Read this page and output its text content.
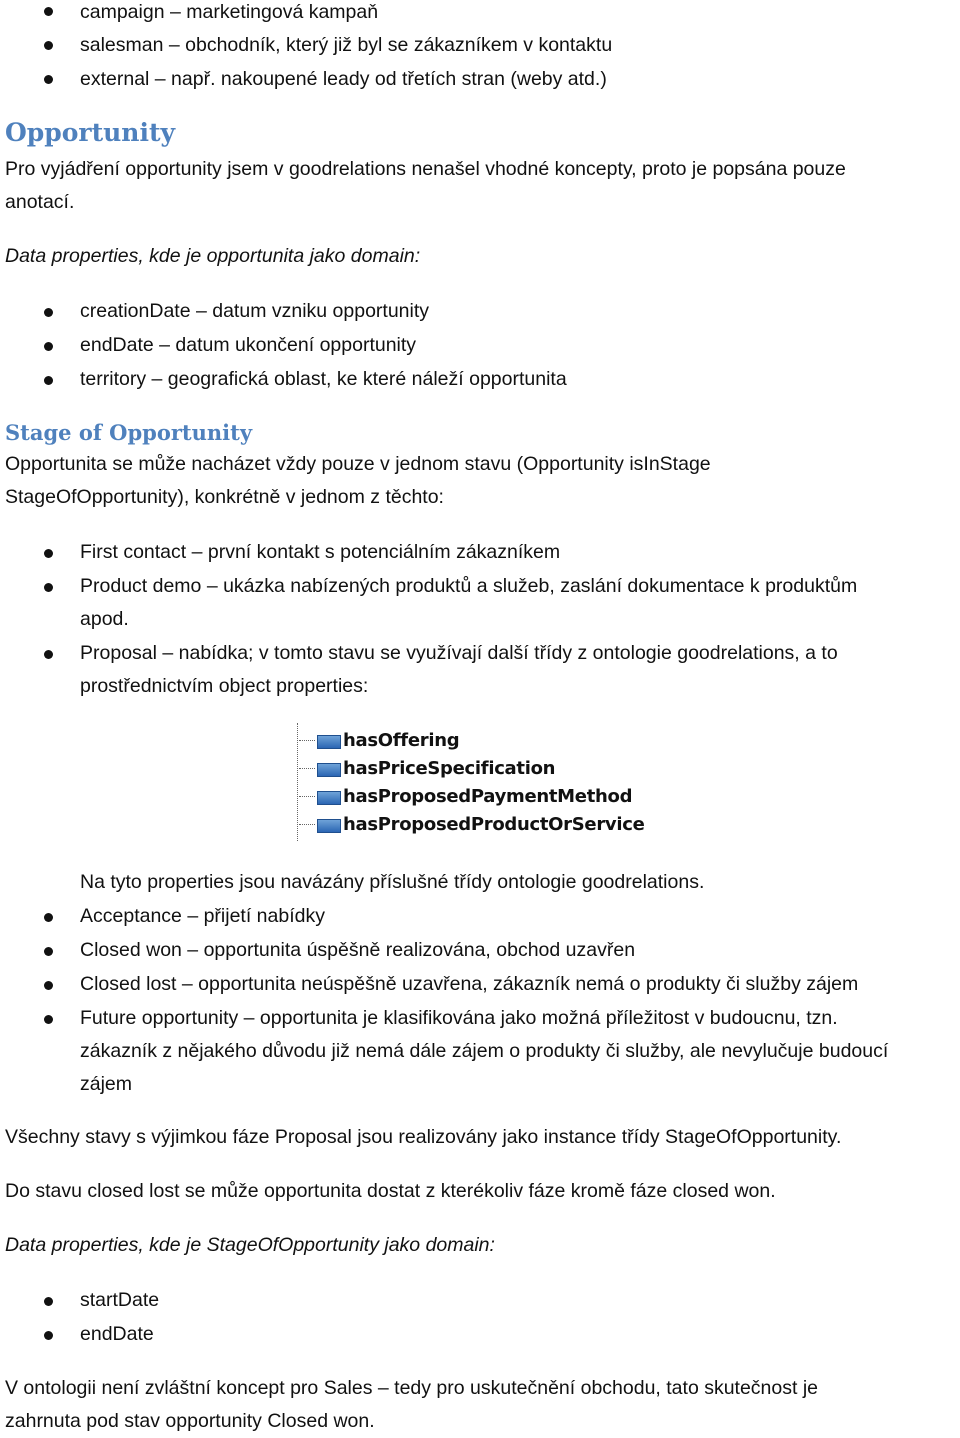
campaign – marketingová kampaň
salesman – obchodník, který již byl se zákazníkem v kontaktu
external – např. nakoupené leady od třetích stran (weby atd.)
Opportunity
Pro vyjádření opportunity jsem v goodrelations nenašel vhodné koncepty, proto je popsána pouze
anotací.
Data properties, kde je opportunita jako domain:
creationDate – datum vzniku opportunity
endDate – datum ukončení opportunity
territory – geografická oblast, ke které náleží opportunita
Stage of Opportunity
Opportunita se může nacházet vždy pouze v jednom stavu (Opportunity isInStage
StageOfOpportunity), konkrétně v jednom z těchto:
First contact – první kontakt s potenciálním zákazníkem
Product demo – ukázka nabízených produktů a služeb, zaslání dokumentace k produktům
apod.
Proposal – nabídka; v tomto stavu se využívají další třídy z ontologie goodrelations, a to
prostřednictvím object properties:
hasOffering
hasPriceSpecification
hasProposedPaymentMethod
hasProposedProductOrService
Na tyto properties jsou navázány příslušné třídy ontologie goodrelations.
Acceptance – přijetí nabídky
Closed won – opportunita úspěšně realizována, obchod uzavřen
Closed lost – opportunita neúspěšně uzavřena, zákazník nemá o produkty či služby zájem
Future opportunity – opportunita je klasifikována jako možná příležitost v budoucnu, tzn.
zákazník z nějakého důvodu již nemá dále zájem o produkty či služby, ale nevylučuje budoucí
zájem
Všechny stavy s výjimkou fáze Proposal jsou realizovány jako instance třídy StageOfOpportunity.
Do stavu closed lost se může opportunita dostat z kterékoliv fáze kromě fáze closed won.
Data properties, kde je StageOfOpportunity jako domain:
startDate
endDate
V ontologii není zvláštní koncept pro Sales – tedy pro uskutečnění obchodu, tato skutečnost je
zahrnuta pod stav opportunity Closed won.
